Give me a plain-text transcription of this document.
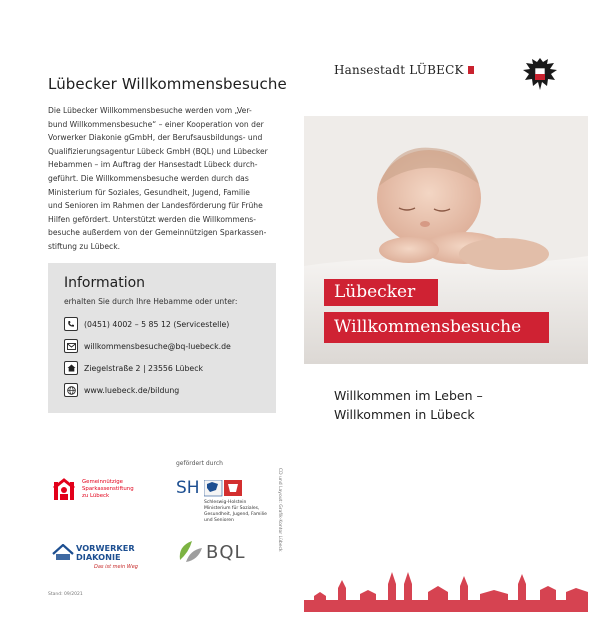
Lübecker Willkommensbesuche
Die Lübecker Willkommensbesuche werden vom „Ver-
bund Willkommensbesuche“ – einer Kooperation von der
Vorwerker Diakonie gGmbH, der Berufsausbildungs- und
Qualifizierungsagentur Lübeck GmbH (BQL) und Lübecker
Hebammen – im Auftrag der Hansestadt Lübeck durch-
geführt. Die Willkommensbesuche werden durch das
Ministerium für Soziales, Gesundheit, Jugend, Familie
und Senioren im Rahmen der Landesförderung für Frühe
Hilfen gefördert. Unterstützt werden die Willkommens-
besuche außerdem von der Gemeinnützigen Sparkassen-
stiftung zu Lübeck.
Information
erhalten Sie durch Ihre Hebamme oder unter:
(0451) 4002 – 5 85 12 (Servicestelle)
willkommensbesuche@bq-luebeck.de
Ziegelstraße 2 | 23556 Lübeck
www.luebeck.de/bildung
Gemeinnützige
Sparkassenstiftung
zu Lübeck
gefördert durch
SH
Schleswig-Holstein
Ministerium für Soziales,
Gesundheit, Jugend, Familie
und Senioren
VORWERKER
DIAKONIE
Das ist mein Weg
BQL
CD und Layout: Grafik-Kontor Lübeck
Stand: 09/2021
Hansestadt LÜBECK
Lübecker
Willkommensbesuche
Willkommen im Leben –
Willkommen in Lübeck
